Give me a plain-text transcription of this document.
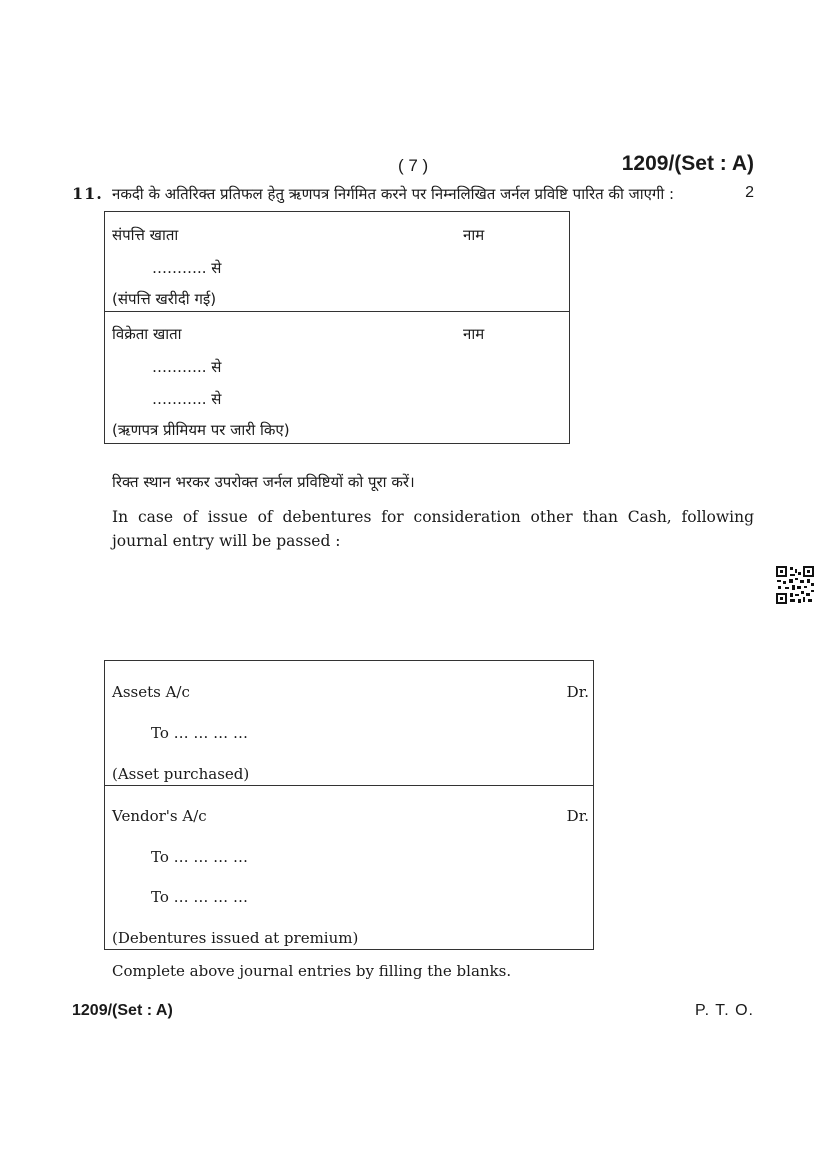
( 7 )	1209/(Set : A)
11. नकदी के अतिरिक्त प्रतिफल हेतु ऋणपत्र निर्गमित करने पर निम्नलिखित जर्नल प्रविष्टि पारित की जाएगी :	2
संपत्ति खाता	नाम
……….. से
(संपत्ति खरीदी गई)
विक्रेता खाता	नाम
……….. से
……….. से
(ऋणपत्र प्रीमियम पर जारी किए)
रिक्त स्थान भरकर उपरोक्त जर्नल प्रविष्टियों को पूरा करें।
In case of issue of debentures for consideration other than Cash, following journal entry will be passed :
Assets A/c	Dr.
To … … … …
(Asset purchased)
Vendor's A/c	Dr.
To … … … …
To … … … …
(Debentures issued at premium)
Complete above journal entries by filling the blanks.
1209/(Set : A)	P. T. O.
